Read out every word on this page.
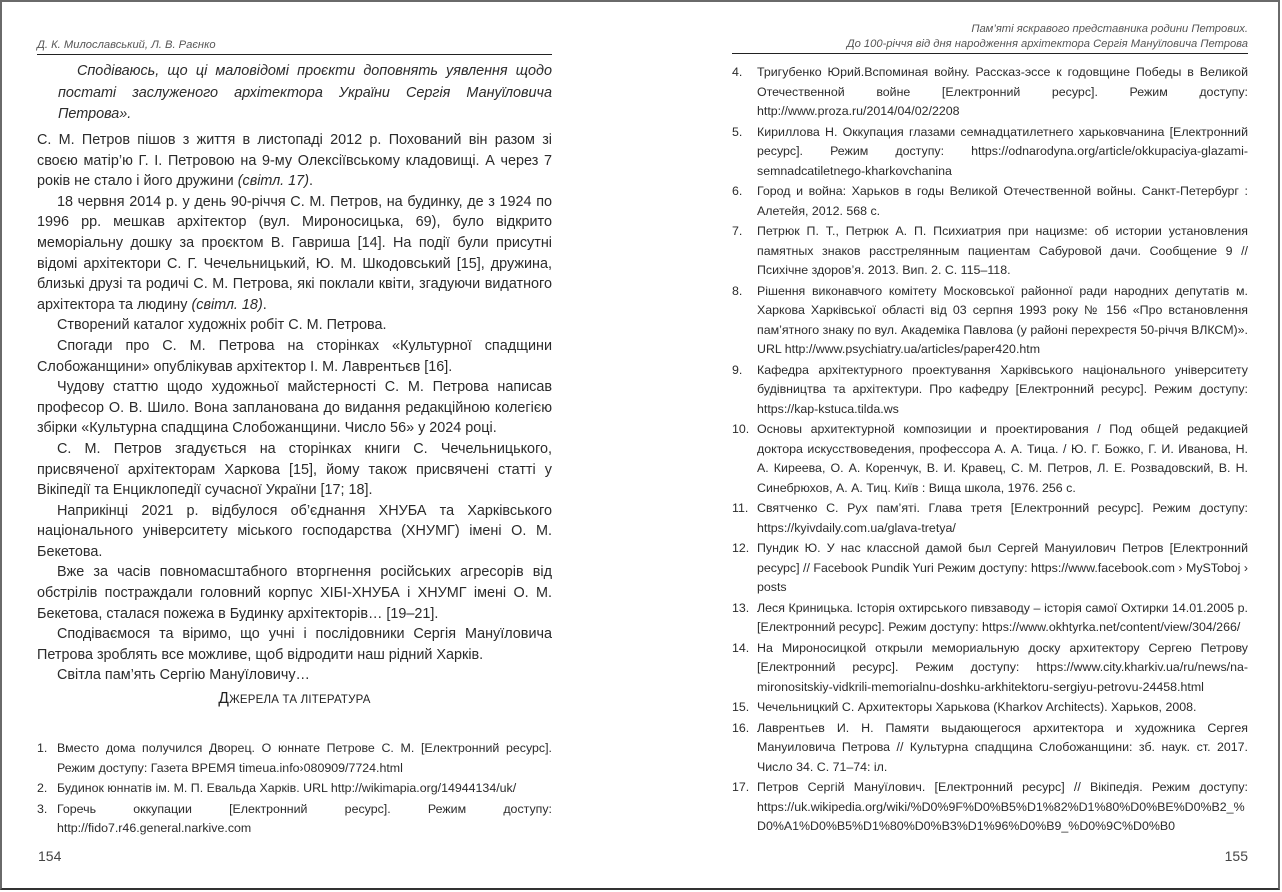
Д. К. Милославський, Л. В. Раєнко
Сподіваюсь, що ці маловідомі проєкти доповнять уявлення щодо постаті заслуженого архітектора України Сергія Мануїловича Петрова».

С. М. Петров пішов з життя в листопаді 2012 р. Похований він разом зі своєю матір’ю Г. І. Петровою на 9-му Олексіївському кладовищі. А через 7 років не стало і його дружини (світл. 17).

18 червня 2014 р. у день 90-річчя С. М. Петров, на будинку, де з 1924 по 1996 рр. мешкав архітектор (вул. Мироносицька, 69), було відкрито меморіальну дошку за проєктом В. Гавриша [14]. На події були присутні відомі архітектори С. Г. Чечельницький, Ю. М. Шкодовський [15], дружина, близькі друзі та родичі С. М. Петрова, які поклали квіти, згадуючи видатного архітектора та людину (світл. 18).

Створений каталог художніх робіт С. М. Петрова.

Спогади про С. М. Петрова на сторінках «Культурної спадщини Слобожанщини» опублікував архітектор І. М. Лаврентьєв [16].

Чудову статтю щодо художньої майстерності С. М. Петрова написав професор О. В. Шило. Вона запланована до видання редакційною колегією збірки «Культурна спадщина Слобожанщини. Число 56» у 2024 році.

С. М. Петров згадується на сторінках книги С. Чечельницького, присвяченої архітекторам Харкова [15], йому також присвячені статті у Вікіпедії та Енциклопедії сучасної України [17; 18].

Наприкінці 2021 р. відбулося об’єднання ХНУБА та Харківського національного університету міського господарства (ХНУМГ) імені О. М. Бекетова.

Вже за часів повномасштабного вторгнення російських агресорів від обстрілів постраждали головний корпус ХІБІ-ХНУБА і ХНУМГ імені О. М. Бекетова, сталася пожежа в Будинку архітекторів… [19–21].

Сподіваємося та віримо, що учні і послідовники Сергія Мануїловича Петрова зроблять все можливе, щоб відродити наш рідний Харків.

Світла пам’ять Сергію Мануїловичу…

ДЖЕРЕЛА ТА ЛІТЕРАТУРА
1. Вместо дома получился Дворец. О юннате Петрове С. М. [Електронний ресурс]. Режим доступу: Газета ВРЕМЯ timeua.info›080909/7724.html
2. Будинок юннатів ім. М. П. Евальда Харків. URL http://wikimapia.org/14944134/uk/
3. Горечь оккупации [Електронний ресурс]. Режим доступу: http://fido7.r46.general.narkive.com
154
Пам’яті яскравого представника родини Петрових.
До 100-річчя від дня народження архітектора Сергія Мануїловича Петрова
4. Тригубенко Юрий.Вспоминая войну. Рассказ-эссе к годовщине Победы в Великой Отечественной войне [Електронний ресурс]. Режим доступу: http://www.proza.ru/2014/04/02/2208
5. Кириллова Н. Оккупация глазами семнадцатилетнего харьковчанина [Електронний ресурс]. Режим доступу: https://odnarodyna.org/article/okkupaciya-glazami-semnadcatiletnego-kharkovchanina
6. Город и война: Харьков в годы Великой Отечественной войны. Санкт-Петербург : Алетейя, 2012. 568 с.
7. Петрюк П. Т., Петрюк А. П. Психиатрия при нацизме: об истории установления памятных знаков расстрелянным пациентам Сабуровой дачи. Сообщение 9 // Психічне здоров’я. 2013. Вип. 2. С. 115–118.
8. Рішення виконавчого комітету Московської районної ради народних депутатів м. Харкова Харківської області від 03 серпня 1993 року № 156 «Про встановлення пам’ятного знаку по вул. Академіка Павлова (у районі перехрестя 50-річчя ВЛКСМ)». URL http://www.psychiatry.ua/articles/paper420.htm
9. Кафедра архітектурного проектування Харківського національного університету будівництва та архітектури. Про кафедру [Електронний ресурс]. Режим доступу: https://kap-kstuca.tilda.ws
10. Основы архитектурной композиции и проектирования / Под общей редакцией доктора искусствоведения, профессора А. А. Тица. / Ю. Г. Божко, Г. И. Иванова, Н. А. Киреева, О. А. Коренчук, В. И. Кравец, С. М. Петров, Л. Е. Розвадовский, В. Н. Синебрюхов, А. А. Тиц. Київ : Вища школа, 1976. 256 с.
11. Святченко С. Рух пам’яті. Глава третя [Електронний ресурс]. Режим доступу: https://kyivdaily.com.ua/glava-tretya/
12. Пундик Ю. У нас классной дамой был Сергей Мануилович Петров [Електронний ресурс] // Facebook Pundik Yuri Режим доступу: https://www.facebook.com › MySToboj › posts
13. Леся Криницька. Історія охтирського пивзаводу – історія самої Охтирки 14.01.2005 р. [Електронний ресурс]. Режим доступу: https://www.okhtyrka.net/content/view/304/266/
14. На Мироносицкой открыли мемориальную доску архитектору Сергею Петрову [Електронний ресурс]. Режим доступу: https://www.city.kharkiv.ua/ru/news/na-mironositskiy-vidkrili-memorialnu-doshku-arkhitektoru-sergiyu-petrovu-24458.html
15. Чечельницкий С. Архитекторы Харькова (Kharkov Architects). Харьков, 2008.
16. Лаврентьев И. Н. Памяти выдающегося архитектора и художника Сергея Мануиловича Петрова // Культурна спадщина Слобожанщини: зб. наук. ст. 2017. Число 34. С. 71–74: іл.
17. Петров Сергій Мануїлович. [Електронний ресурс] // Вікіпедія. Режим доступу: https://uk.wikipedia.org/wiki/%D0%9F%D0%B5%D1%82%D1%80%D0%BE%D0%B2_%D0%A1%D0%B5%D1%80%D0%B3%D1%96%D0%B9_%D0%9C%D0%B0
155
